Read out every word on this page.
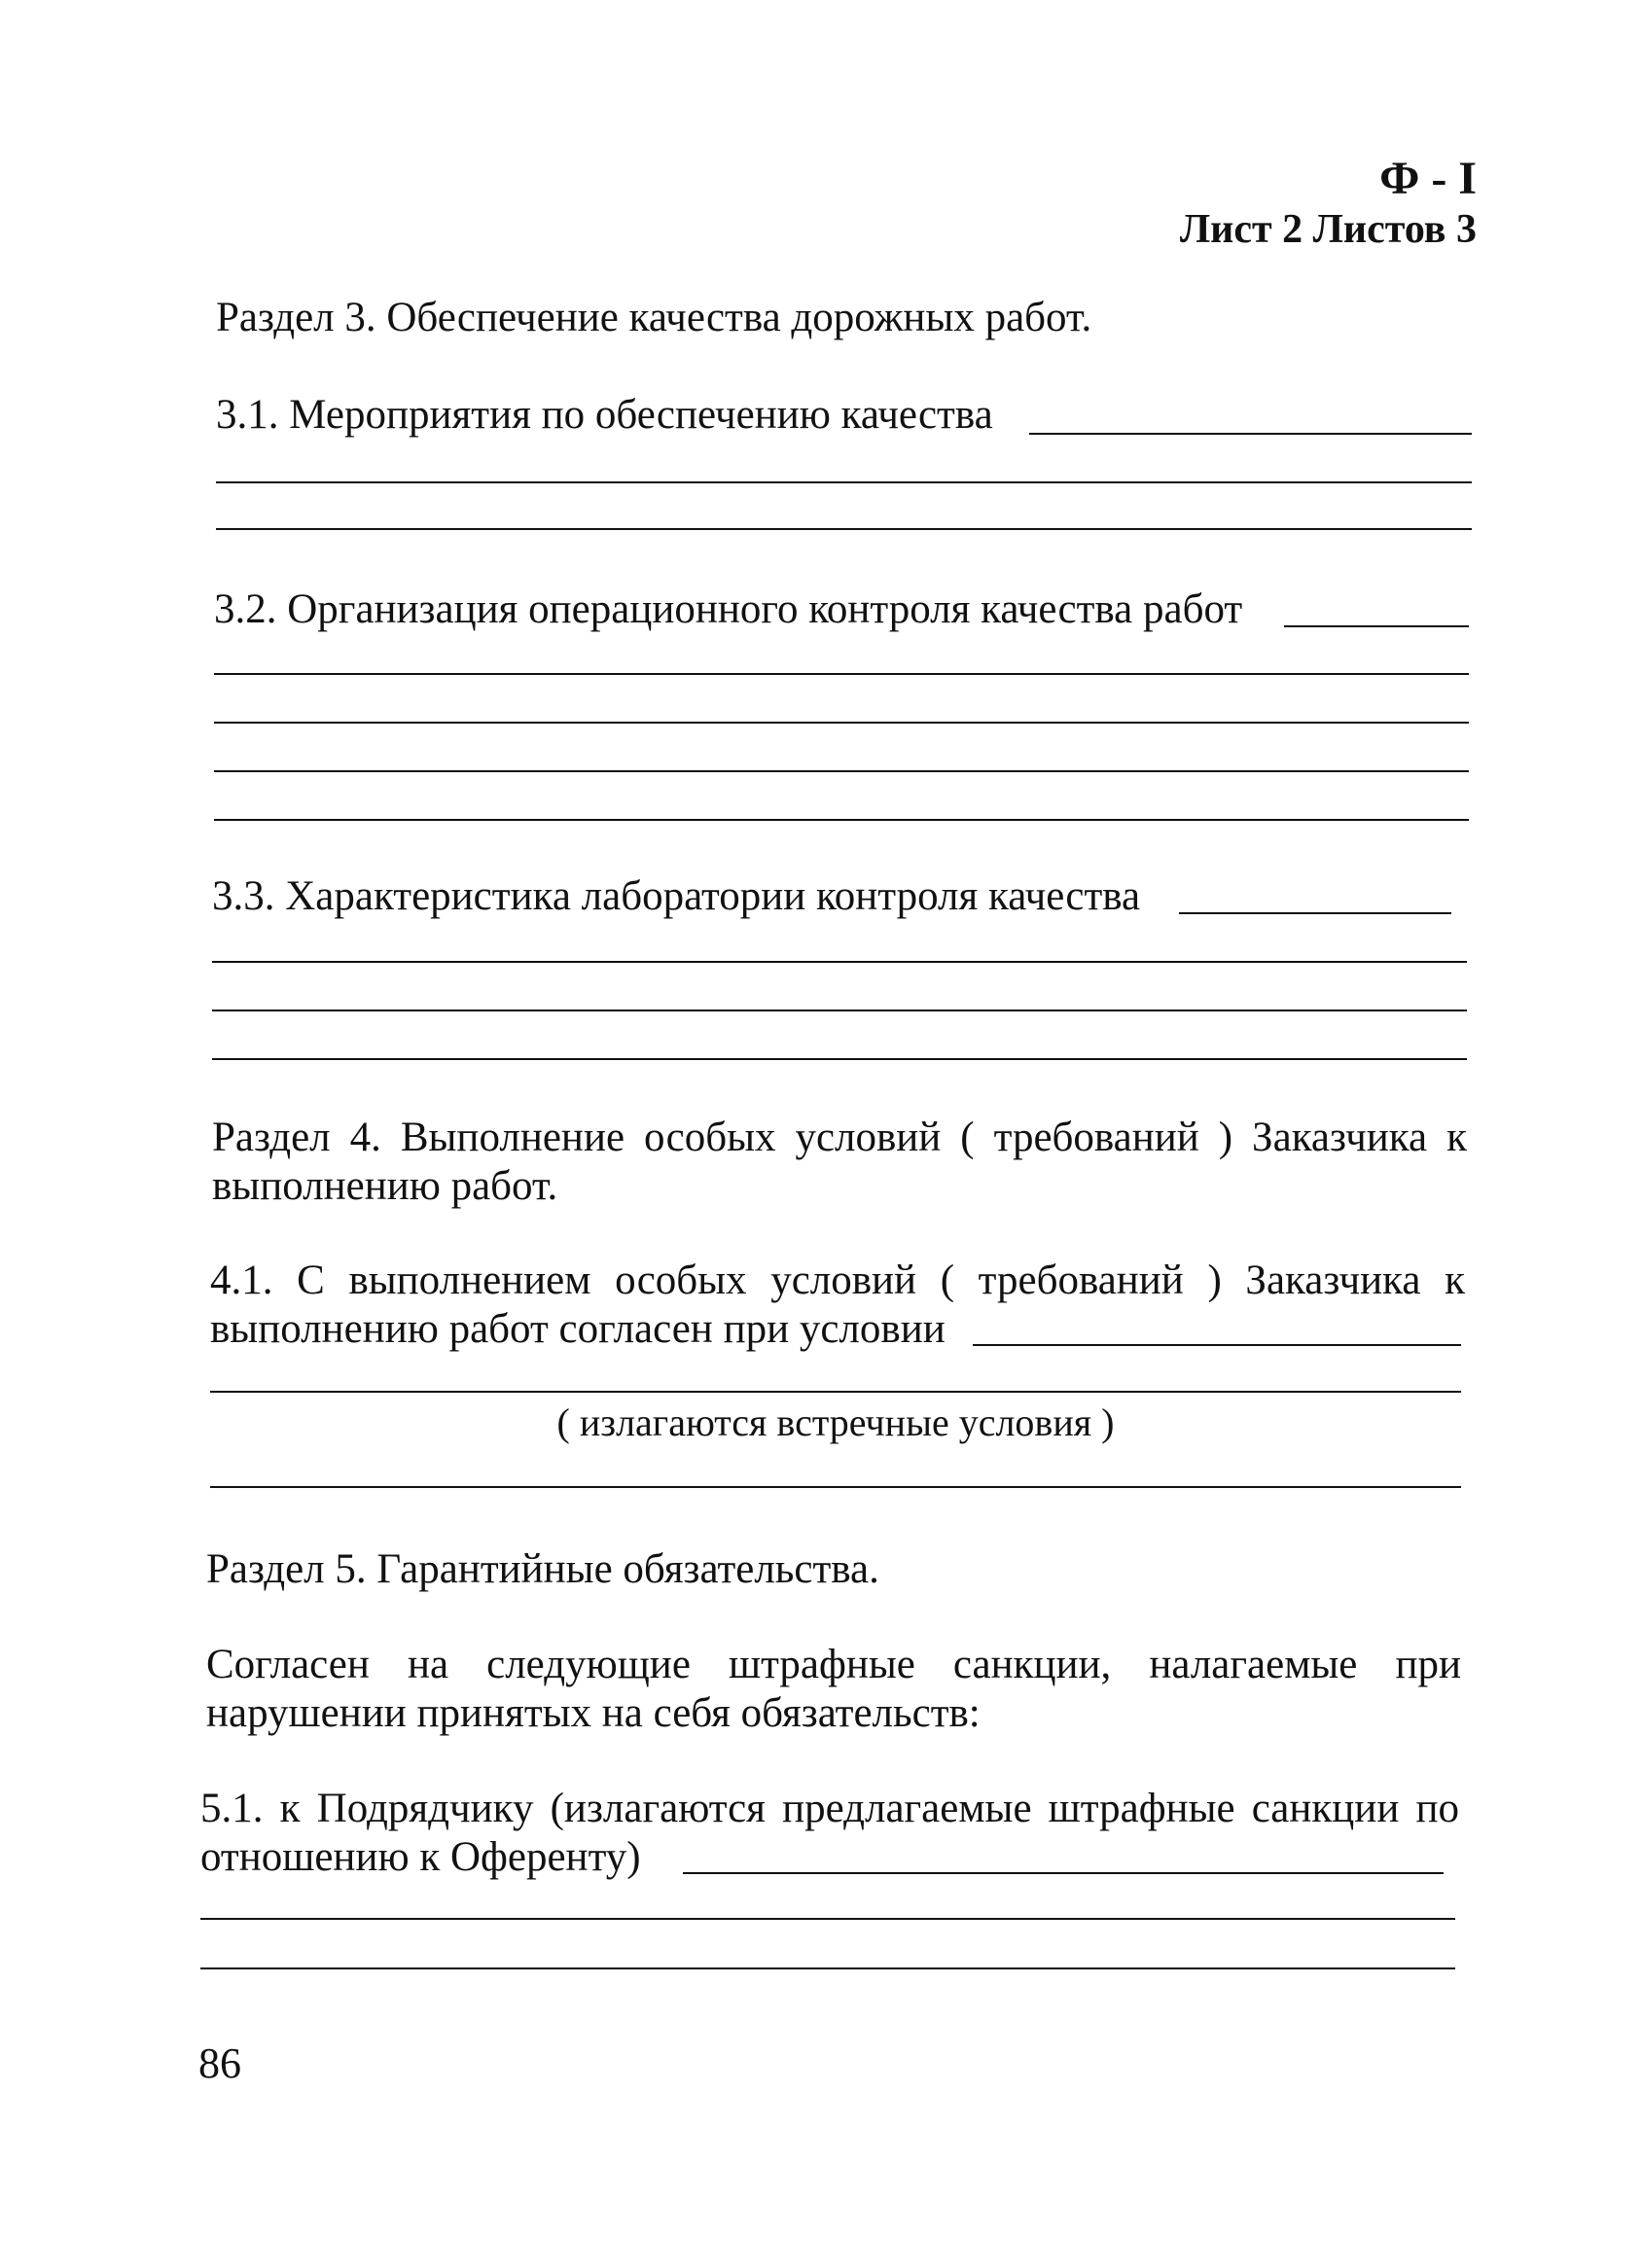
Ф - I
Лист 2 Листов 3
Раздел 3. Обеспечение качества дорожных работ.
3.1. Мероприятия по обеспечению качества
3.2. Организация операционного контроля качества работ
3.3. Характеристика лаборатории контроля качества
Раздел 4. Выполнение особых условий ( требований ) Заказчика к
выполнению работ.
4.1. С выполнением особых условий ( требований ) Заказчика к
выполнению работ согласен при условии
( излагаются встречные условия )
Раздел 5. Гарантийные обязательства.
Согласен на следующие штрафные санкции, налагаемые при
нарушении принятых на себя обязательств:
5.1. к Подрядчику (излагаются предлагаемые штрафные санкции по
отношению к Оференту)
86
